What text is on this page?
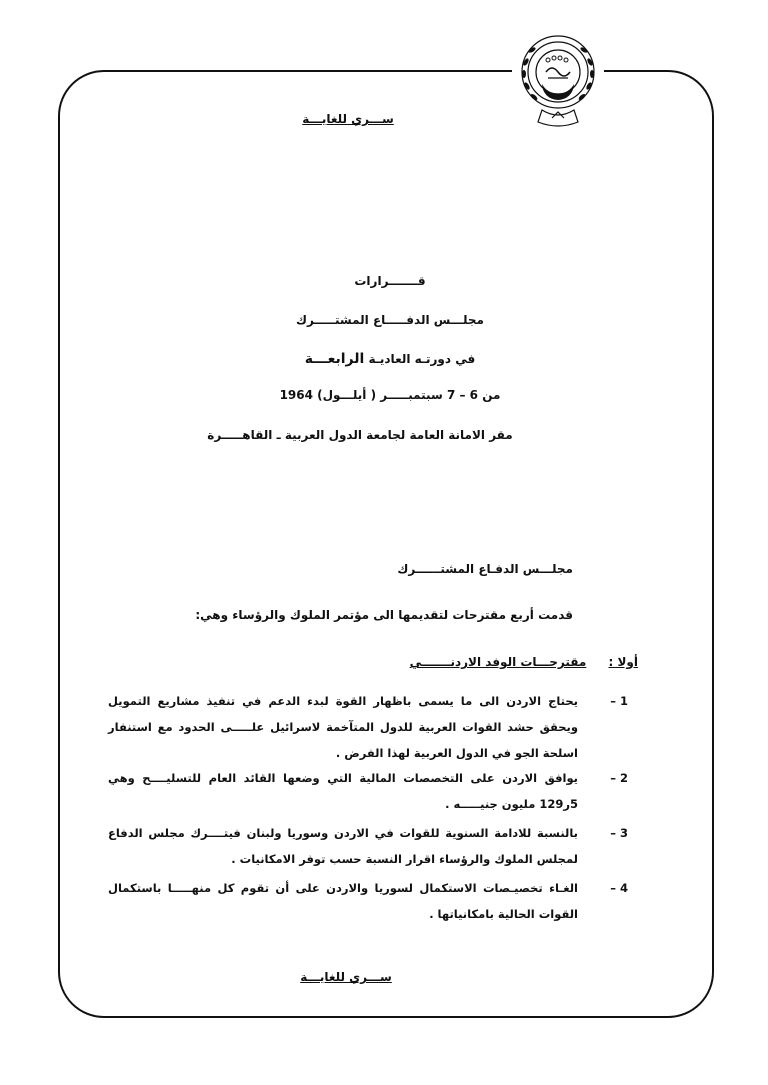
ســـري للغايـــة
قـــــــرارات
مجلـــس الدفـــــاع المشتـــــرك
في دورتـه العاديـة الرابعـــة
من 6 – 7 سبتمبـــــر ( أيلـــول) 1964
مقر الامانة العامة لجامعة الدول العربية ـ القاهـــــرة
مجلـــس الدفـاع المشتــــــرك
قدمت أربع مقترحات لتقديمها الى مؤتمر الملوك والرؤساء وهي:
أولا : مقترحـــات الوفد الاردنـــــــي
1 –
يحتاج الاردن الى ما يسمى باظهار القوة لبدء الدعم في تنفيذ مشاريع التمويل ويحقق حشد القوات العربية للدول المتآخمة لاسرائيل علـــــى الحدود مع استنفار اسلحة الجو في الدول العربية لهذا الفرض .
2 –
يوافق الاردن على التخصصات المالية التي وضعها القائد العام للتسليــــح وهي 5ر129 مليون جنيـــــه .
3 –
بالنسبة للادامة السنوية للقوات في الاردن وسوريا ولبنان فيتــــرك مجلس الدفاع لمجلس الملوك والرؤساء اقرار النسبة حسب توفر الامكانيات .
4 –
الغـاء تخصيـصات الاستكمال لسوريا والاردن على أن تقوم كل منهـــــا باستكمال القوات الحالية بامكانياتها .
ســـري للغايـــة
